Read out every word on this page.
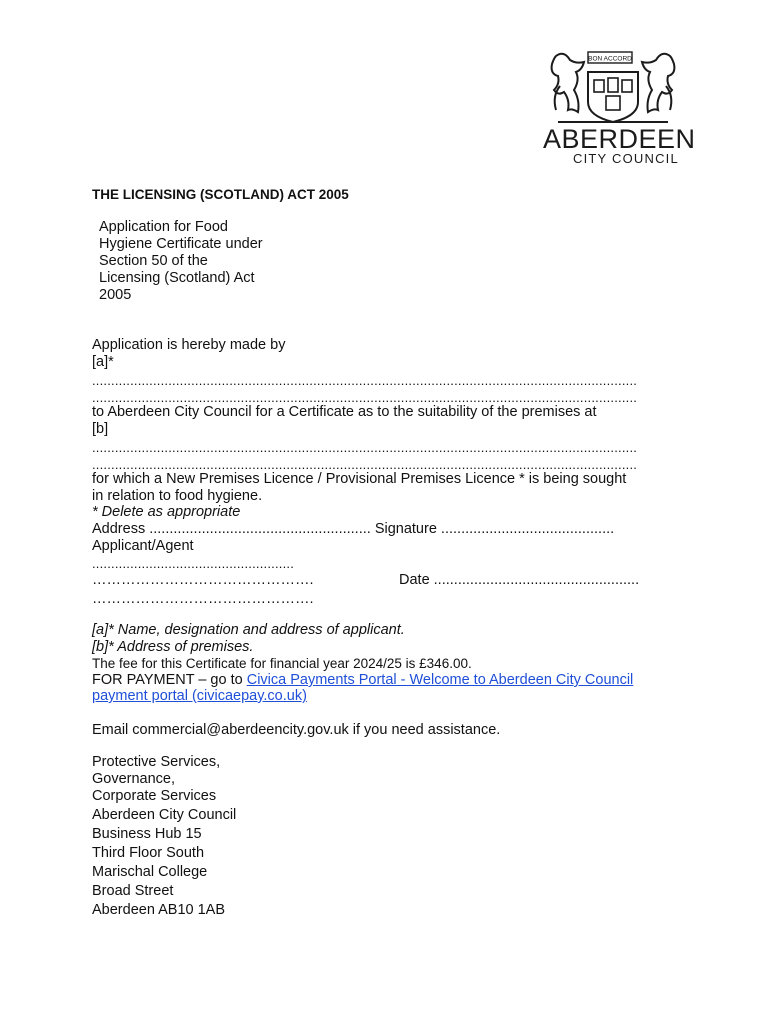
BON ACCORD
ABERDEEN
CITY COUNCIL
THE LICENSING (SCOTLAND) ACT 2005
Application for Food
Hygiene Certificate under
Section 50 of the
Licensing (Scotland) Act
2005
Application is hereby made by
[a]*
...............................................................................................................................................
...............................................................................................................................................
to Aberdeen City Council for a Certificate as to the suitability of the premises at
[b]
...............................................................................................................................................
...............................................................................................................................................
for which a New Premises Licence / Provisional Premises Licence * is being sought
in relation to food hygiene.
* Delete as appropriate
Address ....................................................... Signature ...........................................
Applicant/Agent
.....................................................
……………………………………….	Date ...................................................
……………………………………….
[a]* Name, designation and address of applicant.
[b]* Address of premises.
The fee for this Certificate for financial year 2024/25 is £346.00.
FOR PAYMENT – go to Civica Payments Portal - Welcome to Aberdeen City Council
payment portal (civicaepay.co.uk)
Email commercial@aberdeencity.gov.uk if you need assistance.
Protective Services,
Governance,
Corporate Services
Aberdeen City Council
Business Hub 15
Third Floor South
Marischal College
Broad Street
Aberdeen AB10 1AB
